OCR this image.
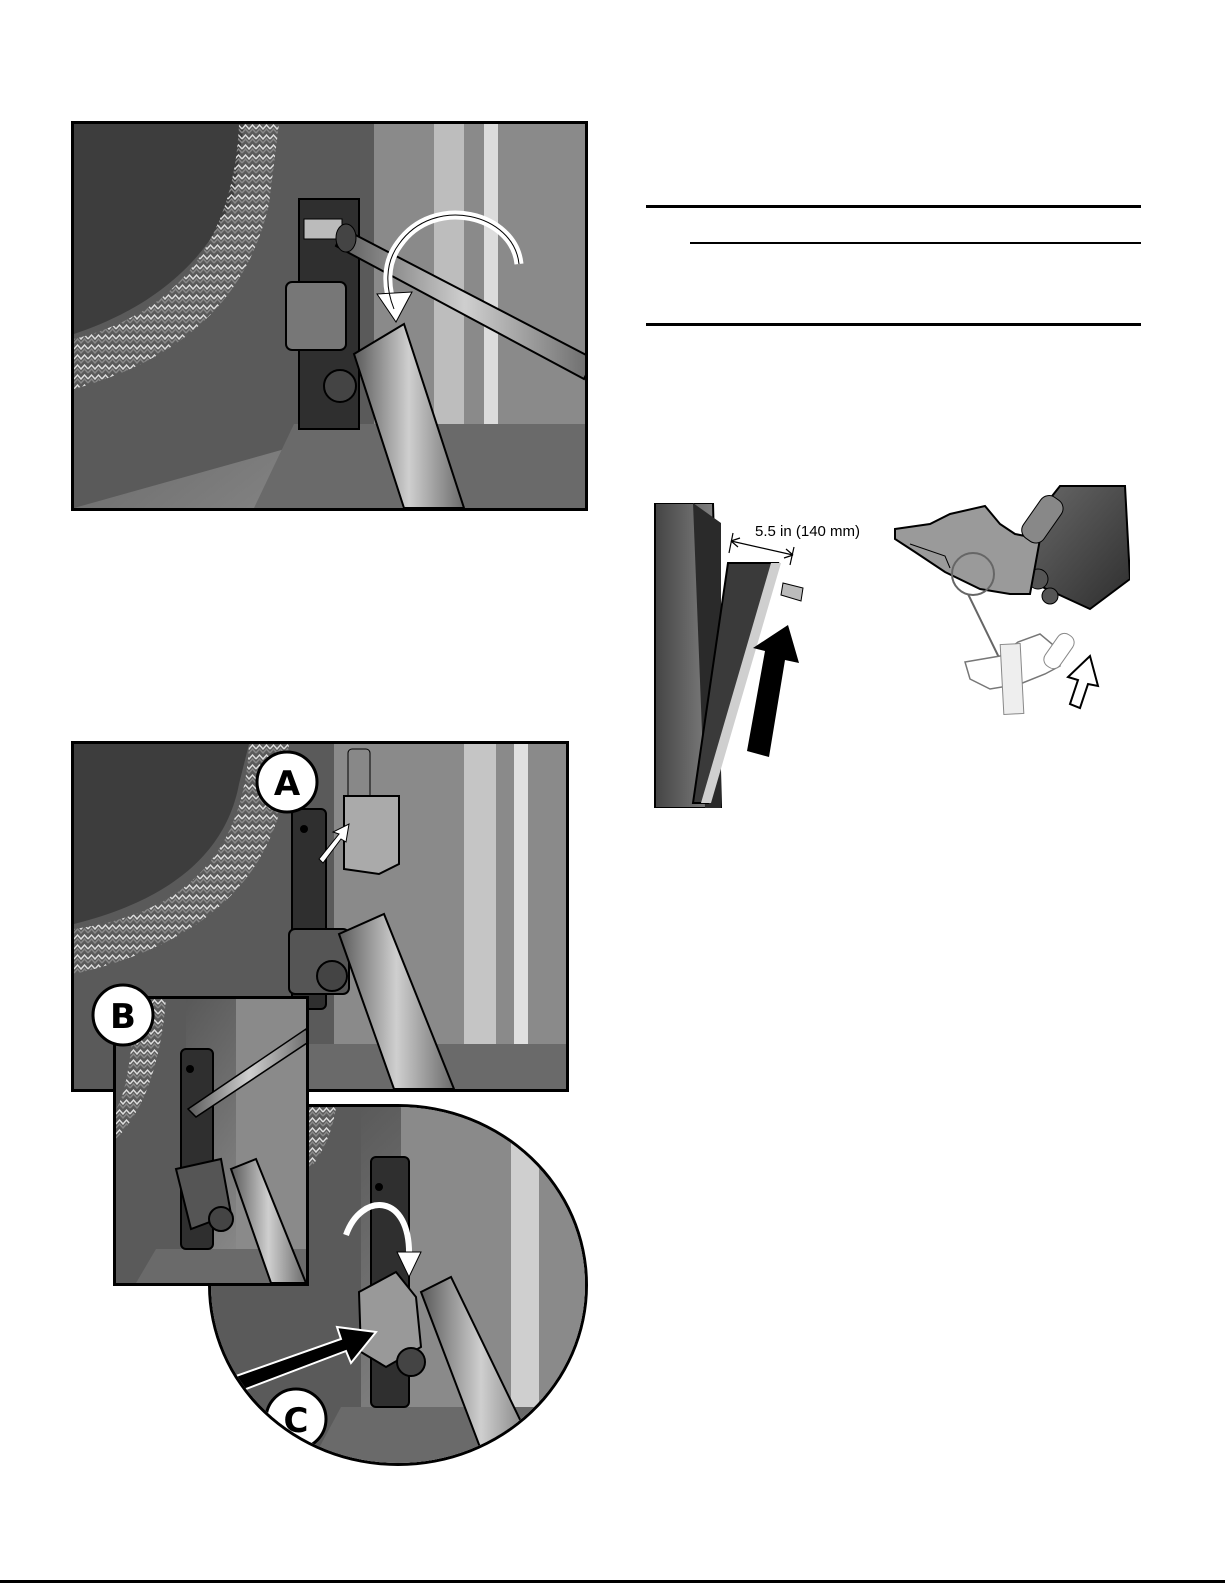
5.5 in (140 mm)
A
C
B
